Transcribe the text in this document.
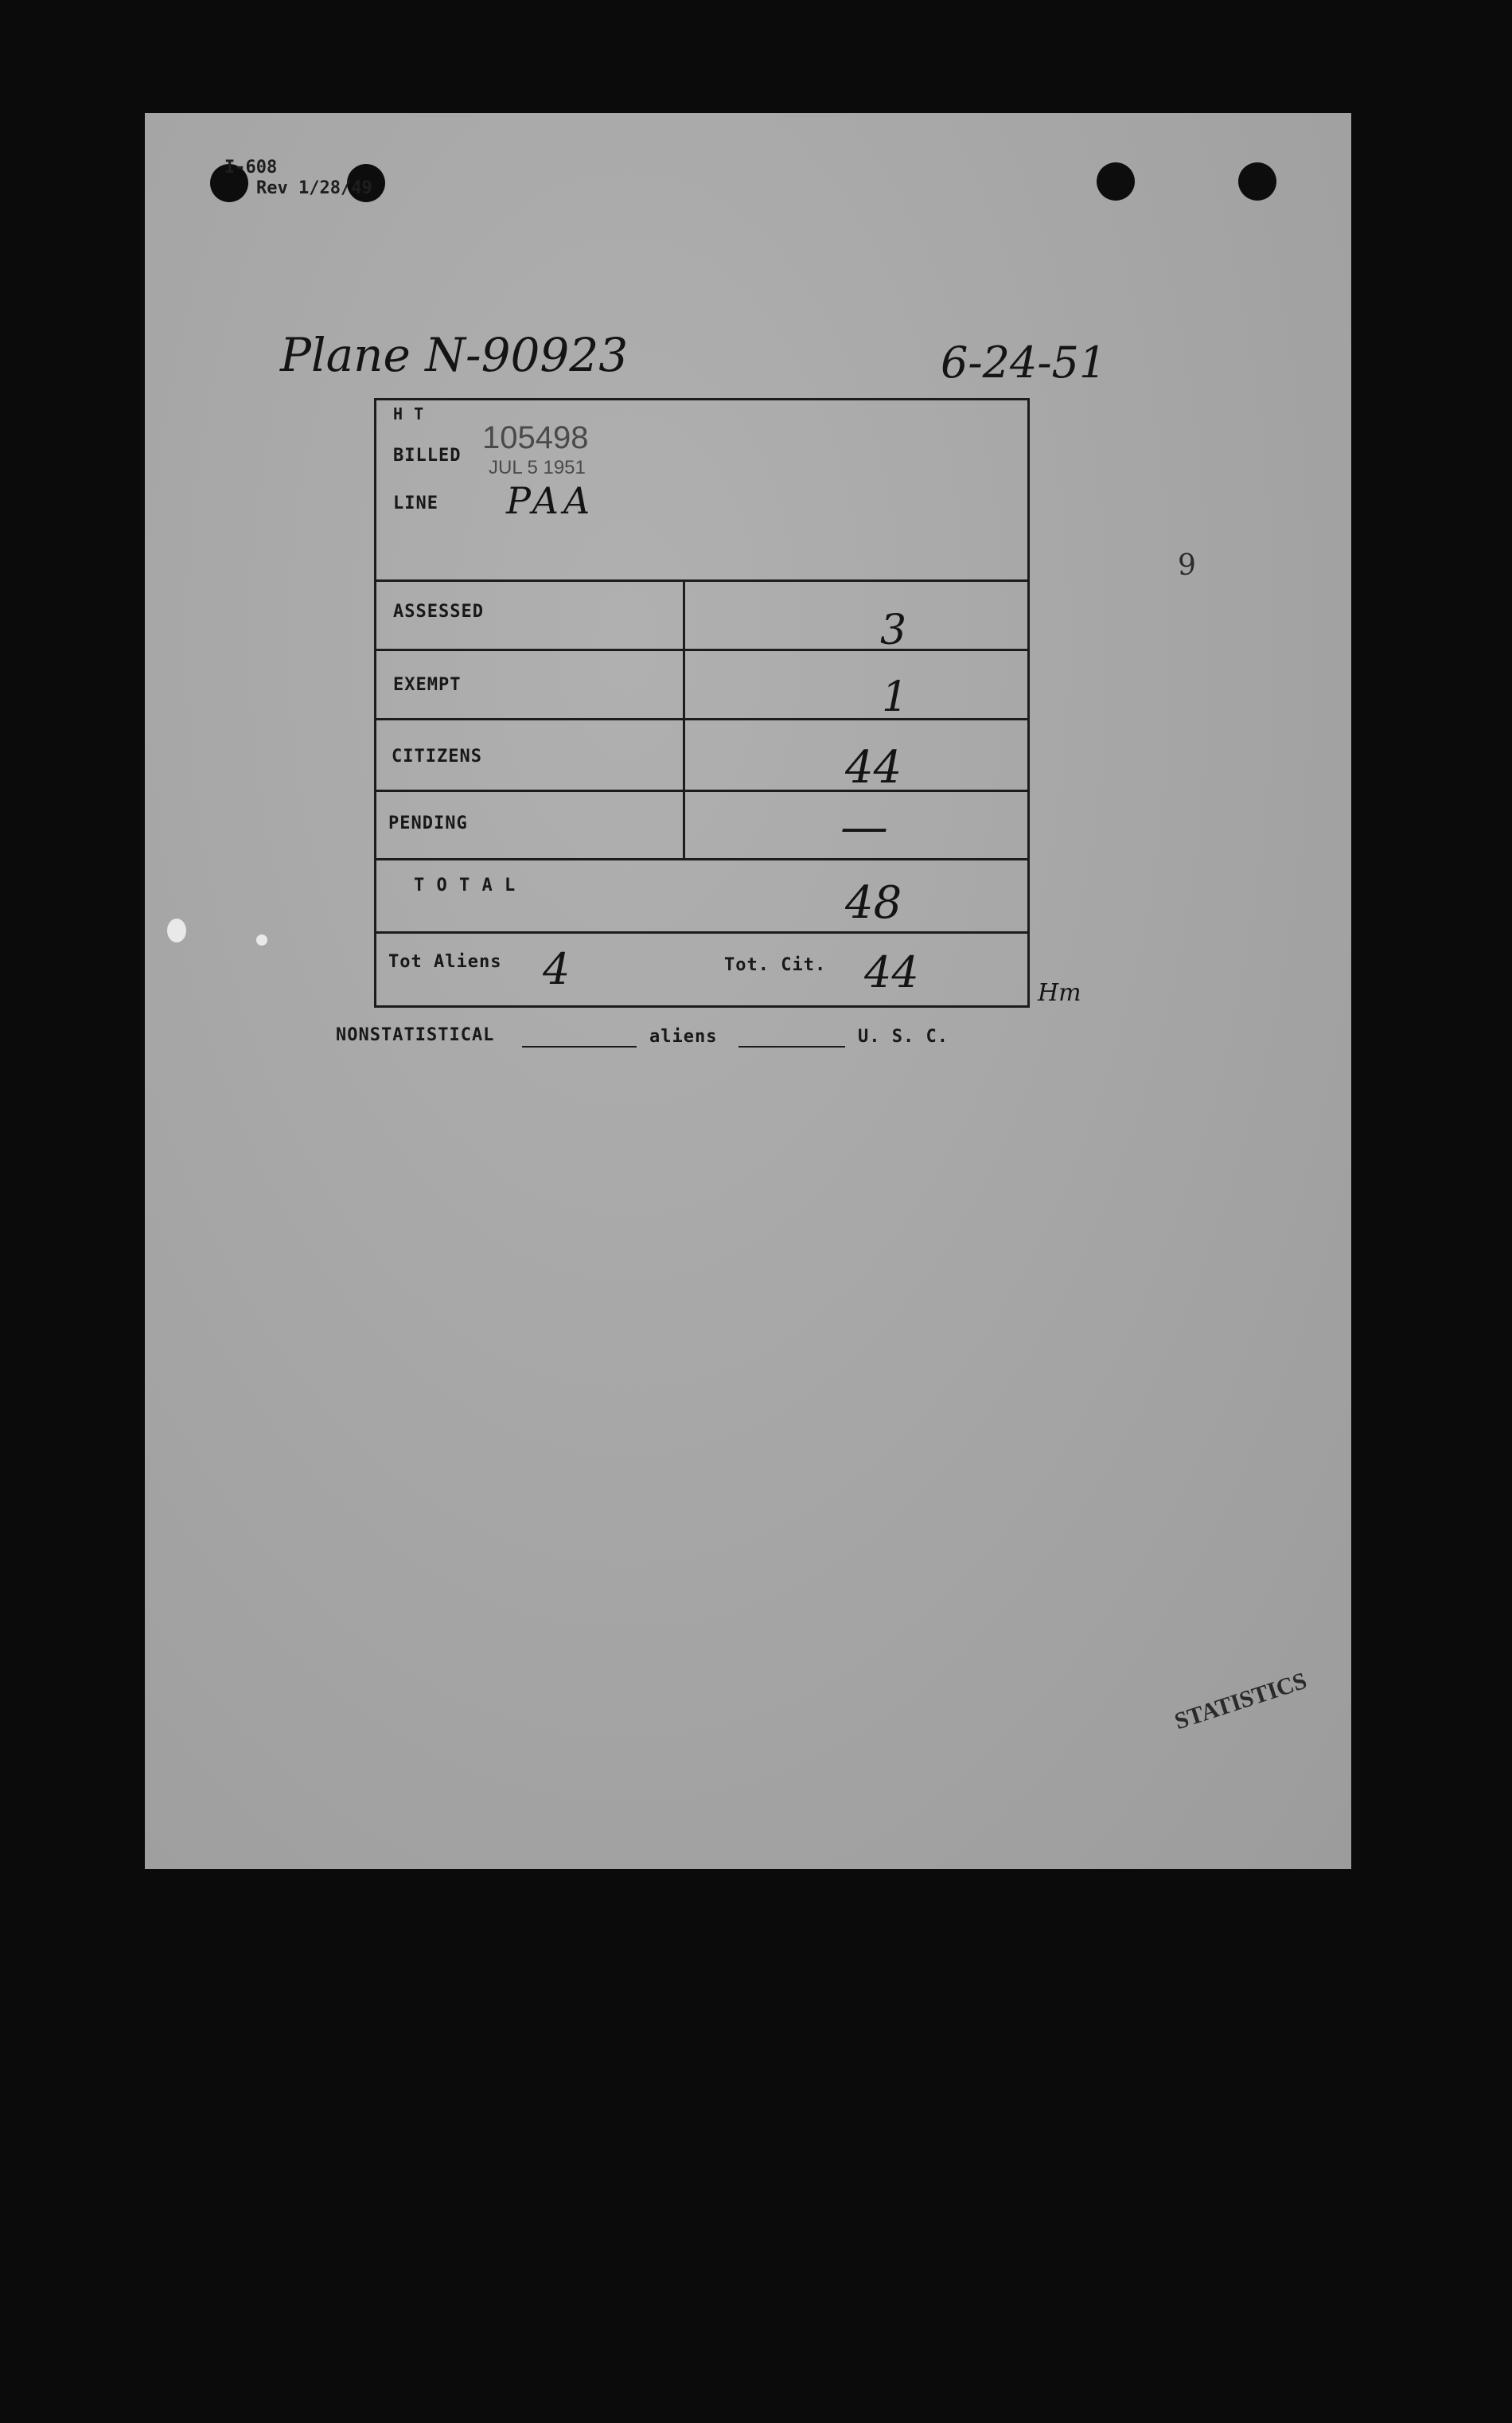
I-608
Rev 1/28/49
Plane N-90923	6-24-51
H T
BILLED
105498
JUL 5 1951
LINE PAA
ASSESSED	3
EXEMPT	1
CITIZENS	44
PENDING	—
T O T A L	48
Tot Aliens 4	Tot. Cit. 44	Hm
NONSTATISTICAL	aliens	U. S. C.
9
STATISTICS
